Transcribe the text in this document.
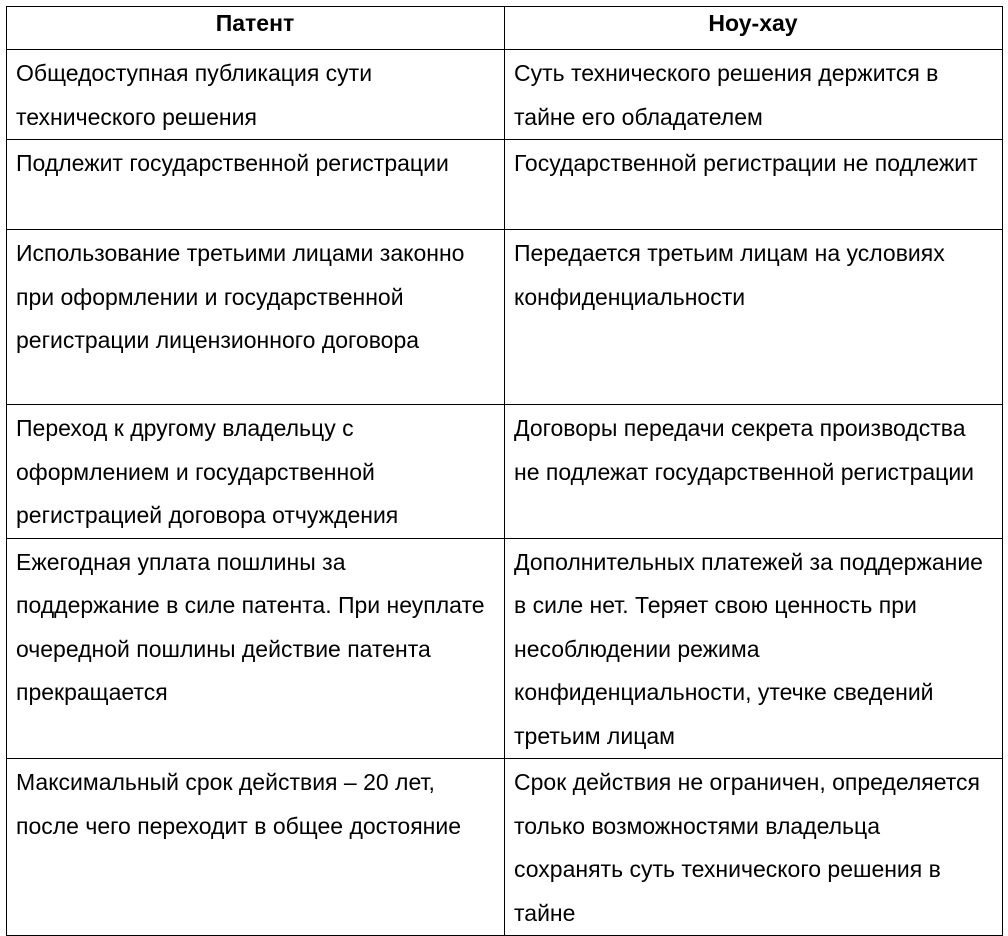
Патент	Ноу-хау

Общедоступная публикация сути технического решения	Суть технического решения держится в тайне его обладателем

Подлежит государственной регистрации	Государственной регистрации не подлежит

Использование третьими лицами законно при оформлении и государственной регистрации лицензионного договора	Передается третьим лицам на условиях конфиденциальности

Переход к другому владельцу с оформлением и государственной регистрацией договора отчуждения	Договоры передачи секрета производства не подлежат государственной регистрации

Ежегодная уплата пошлины за поддержание в силе патента. При неуплате очередной пошлины действие патента прекращается	Дополнительных платежей за поддержание в силе нет. Теряет свою ценность при несоблюдении режима конфиденциальности, утечке сведений третьим лицам

Максимальный срок действия – 20 лет, после чего переходит в общее достояние	Срок действия не ограничен, определяется только возможностями владельца сохранять суть технического решения в тайне
